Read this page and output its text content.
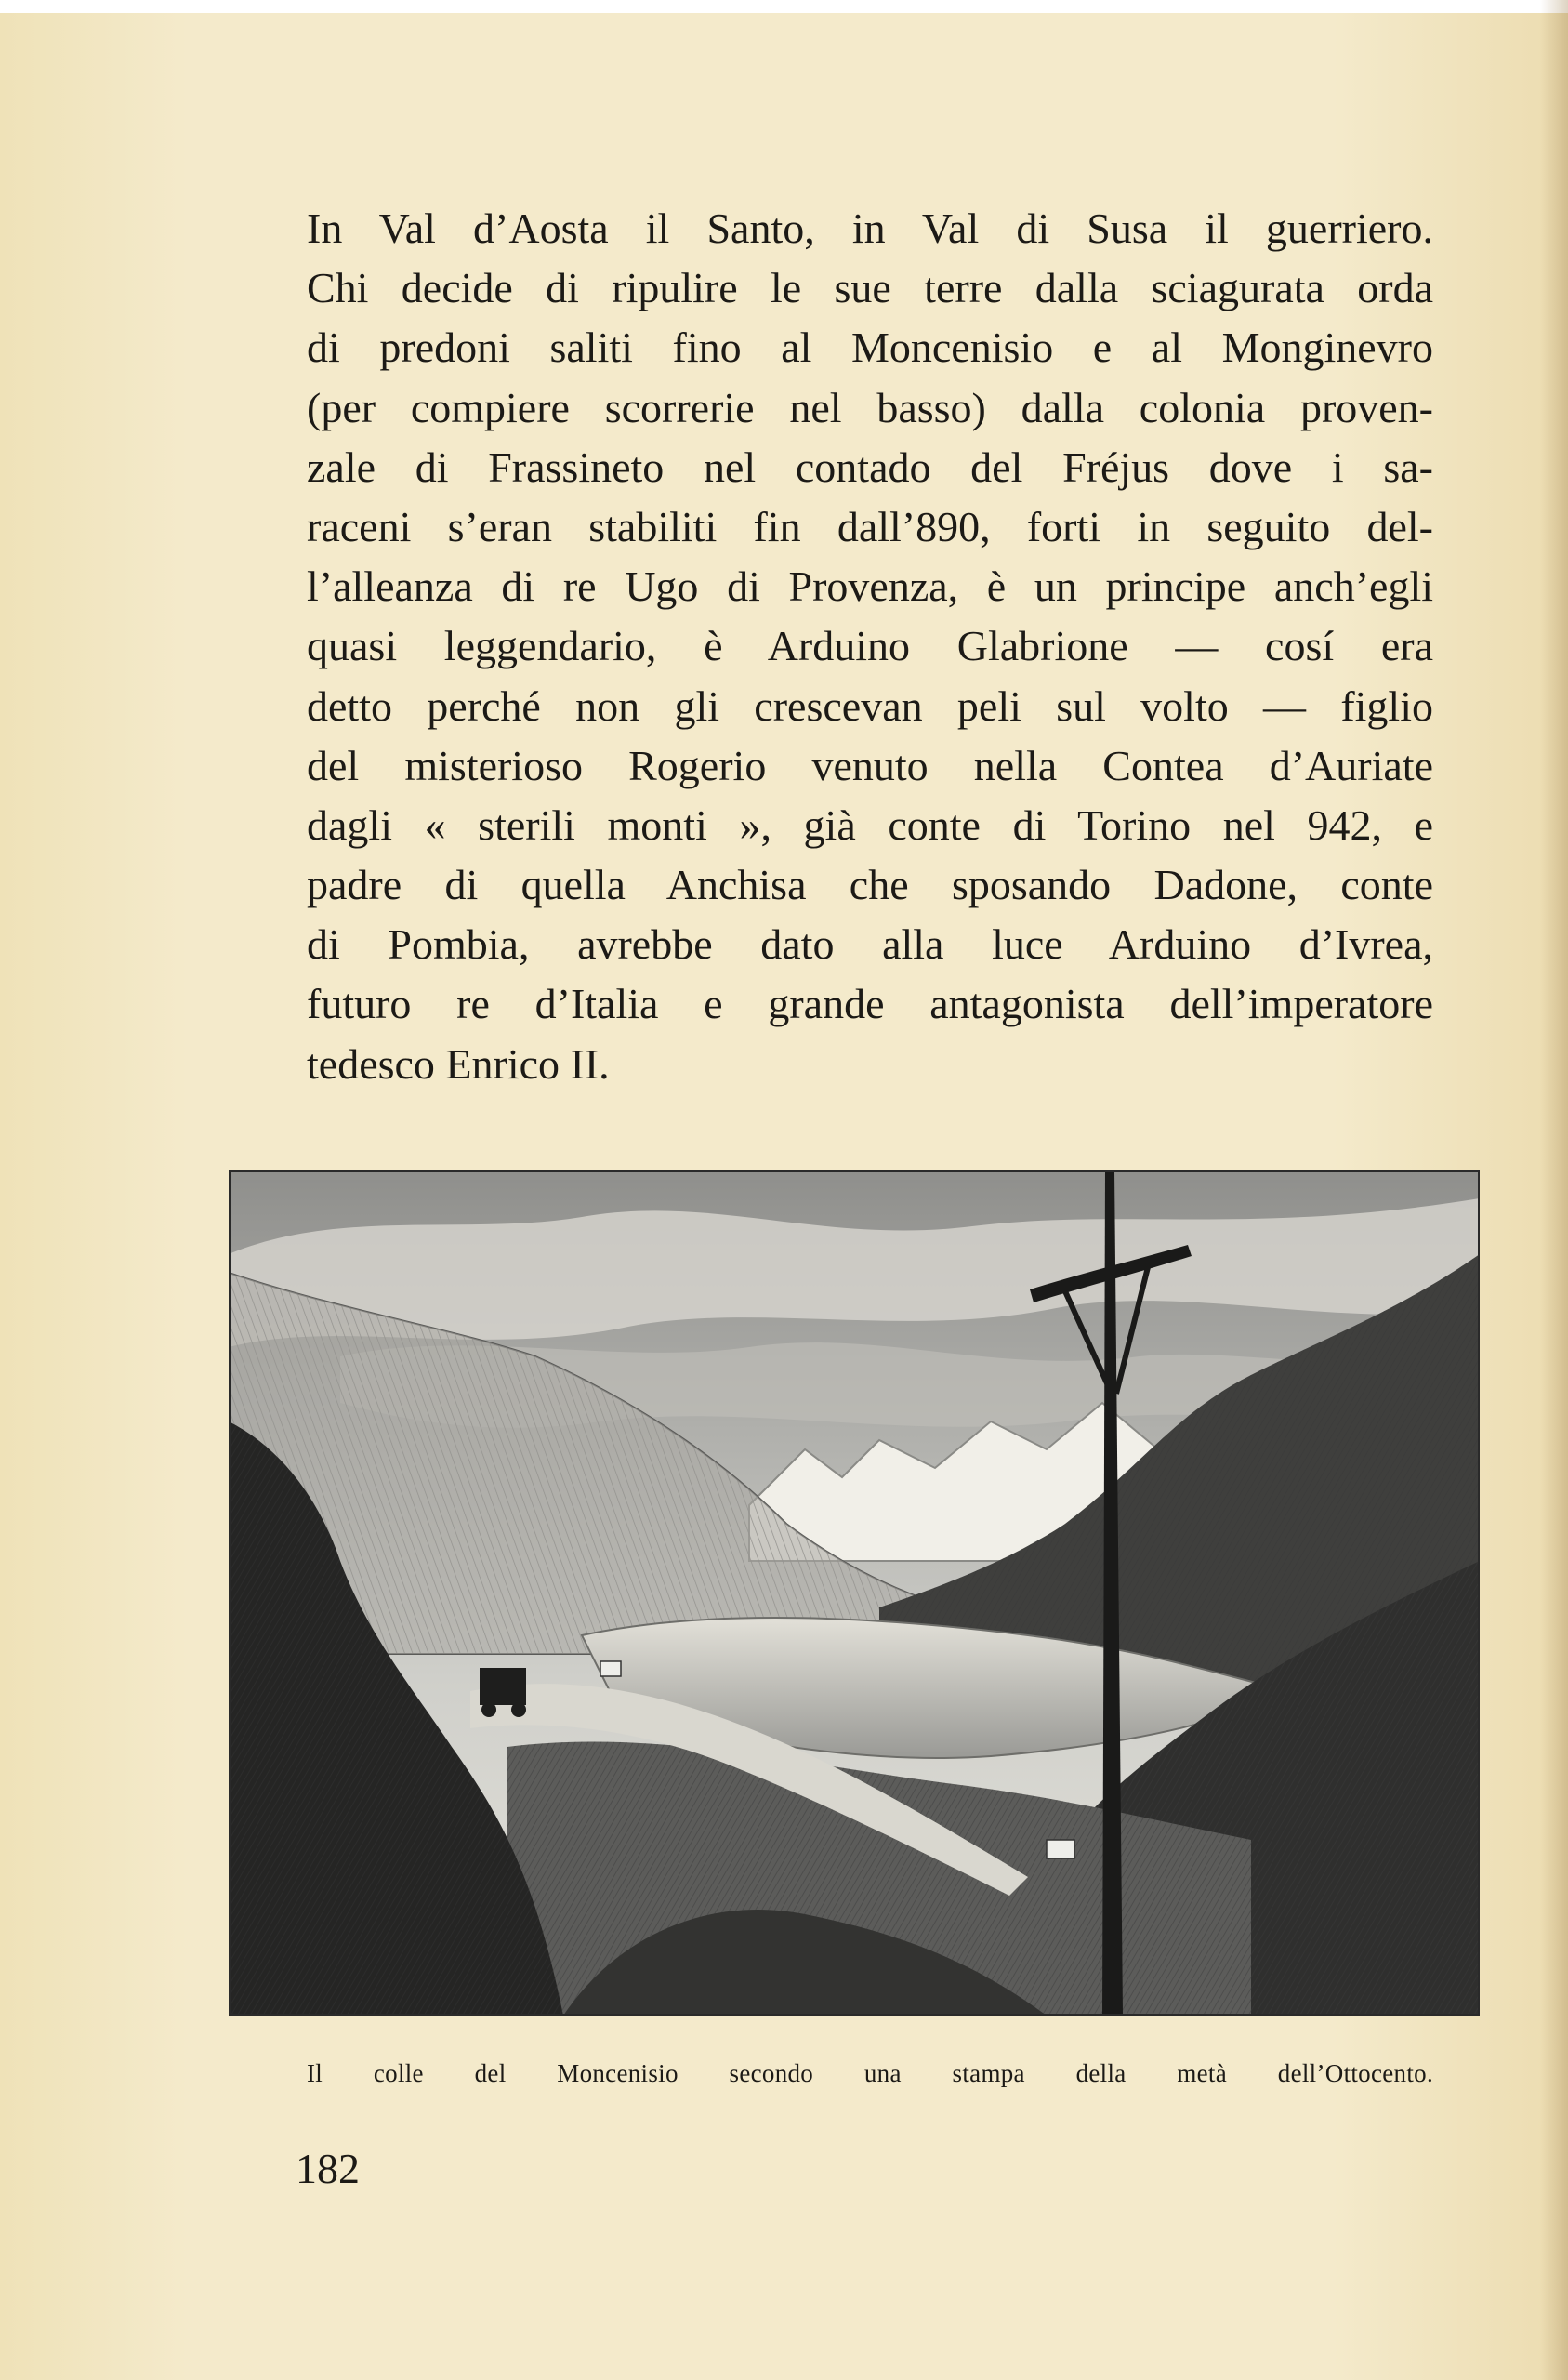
In Val d’Aosta il Santo, in Val di Susa il guerriero.
Chi decide di ripulire le sue terre dalla sciagurata orda
di predoni saliti fino al Moncenisio e al Monginevro
(per compiere scorrerie nel basso) dalla colonia proven-
zale di Frassineto nel contado del Fréjus dove i sa-
raceni s’eran stabiliti fin dall’890, forti in seguito del-
l’alleanza di re Ugo di Provenza, è un principe anch’egli
quasi leggendario, è Arduino Glabrione — cosí era
detto perché non gli crescevan peli sul volto — figlio
del misterioso Rogerio venuto nella Contea d’Auriate
dagli « sterili monti », già conte di Torino nel 942, e
padre di quella Anchisa che sposando Dadone, conte
di Pombia, avrebbe dato alla luce Arduino d’Ivrea,
futuro re d’Italia e grande antagonista dell’imperatore
tedesco Enrico II.
Il colle del Moncenisio secondo una stampa della metà dell’Ottocento.
182
